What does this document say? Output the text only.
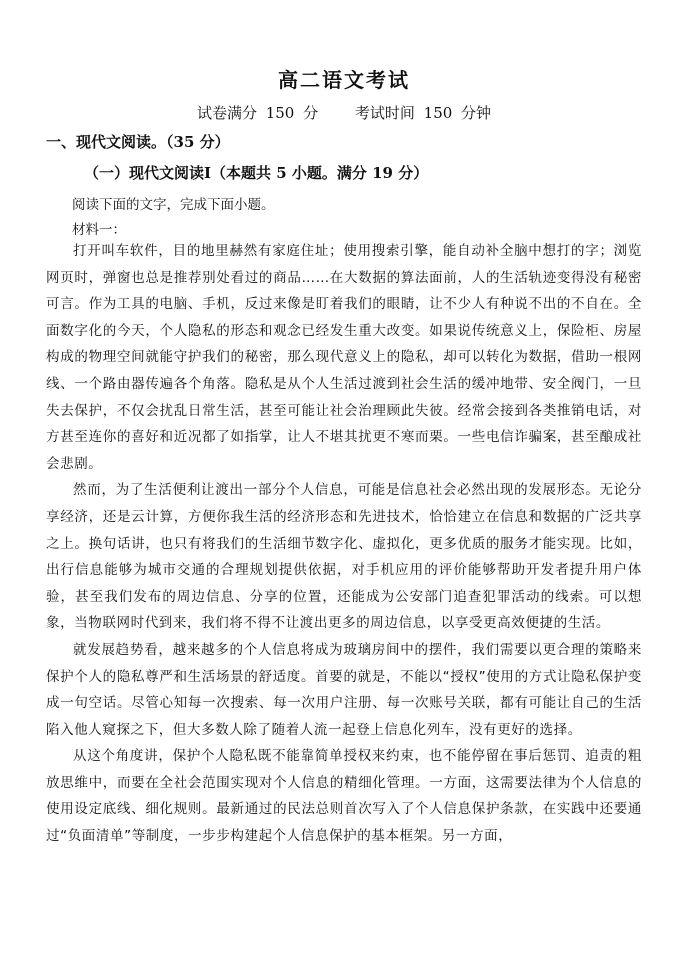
高二语文考试
试卷满分 150 分 考试时间 150 分钟
一、现代文阅读。（35 分）
（一）现代文阅读Ⅰ（本题共 5 小题。满分 19 分）
阅读下面的文字，完成下面小题。
材料一：

打开叫车软件，目的地里赫然有家庭住址；使用搜索引擎，能自动补全脑中想打的字；浏览网页时，弹窗也总是推荐别处看过的商品……在大数据的算法面前，人的生活轨迹变得没有秘密可言。作为工具的电脑、手机，反过来像是盯着我们的眼睛，让不少人有种说不出的不自在。全面数字化的今天，个人隐私的形态和观念已经发生重大改变。如果说传统意义上，保险柜、房屋构成的物理空间就能守护我们的秘密，那么现代意义上的隐私，却可以转化为数据，借助一根网线、一个路由器传遍各个角落。隐私是从个人生活过渡到社会生活的缓冲地带、安全阀门，一旦失去保护，不仅会扰乱日常生活，甚至可能让社会治理顾此失彼。经常会接到各类推销电话，对方甚至连你的喜好和近况都了如指掌，让人不堪其扰更不寒而栗。一些电信诈骗案，甚至酿成社会悲剧。

然而，为了生活便利让渡出一部分个人信息，可能是信息社会必然出现的发展形态。无论分享经济，还是云计算，方便你我生活的经济形态和先进技术，恰恰建立在信息和数据的广泛共享之上。换句话讲，也只有将我们的生活细节数字化、虚拟化，更多优质的服务才能实现。比如，出行信息能够为城市交通的合理规划提供依据，对手机应用的评价能够帮助开发者提升用户体验，甚至我们发布的周边信息、分享的位置，还能成为公安部门追查犯罪活动的线索。可以想象，当物联网时代到来，我们将不得不让渡出更多的周边信息，以享受更高效便捷的生活。

就发展趋势看，越来越多的个人信息将成为玻璃房间中的摆件，我们需要以更合理的策略来保护个人的隐私尊严和生活场景的舒适度。首要的就是，不能以“授权”使用的方式让隐私保护变成一句空话。尽管心知每一次搜索、每一次用户注册、每一次账号关联，都有可能让自己的生活陷入他人窥探之下，但大多数人除了随着人流一起登上信息化列车，没有更好的选择。

从这个角度讲，保护个人隐私既不能靠简单授权来约束，也不能停留在事后惩罚、追责的粗放思维中，而要在全社会范围实现对个人信息的精细化管理。一方面，这需要法律为个人信息的使用设定底线、细化规则。最新通过的民法总则首次写入了个人信息保护条款，在实践中还要通过“负面清单”等制度，一步步构建起个人信息保护的基本框架。另一方面，
